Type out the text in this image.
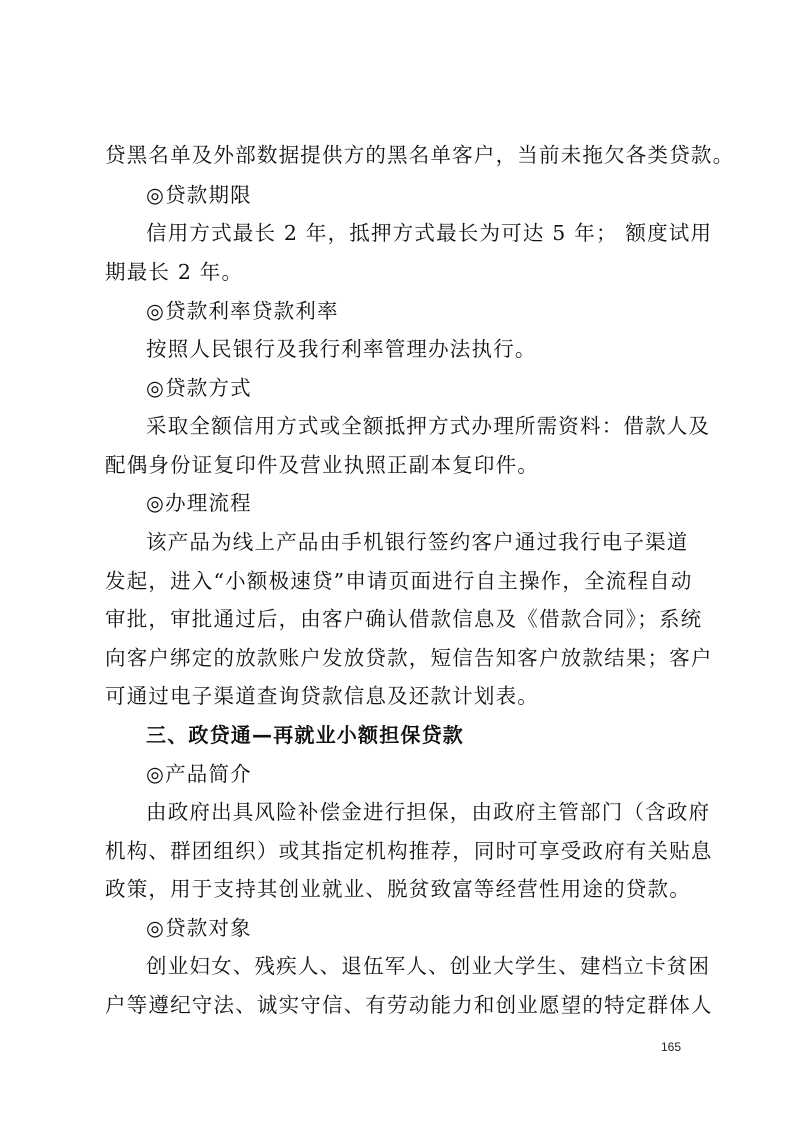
贷黑名单及外部数据提供方的黑名单客户，当前未拖欠各类贷款。
◎贷款期限
信用方式最长 2 年，抵押方式最长为可达 5 年； 额度试用
期最长 2 年。
◎贷款利率贷款利率
按照人民银行及我行利率管理办法执行。
◎贷款方式
采取全额信用方式或全额抵押方式办理所需资料：借款人及
配偶身份证复印件及营业执照正副本复印件。
◎办理流程
该产品为线上产品由手机银行签约客户通过我行电子渠道
发起，进入“小额极速贷”申请页面进行自主操作，全流程自动
审批，审批通过后，由客户确认借款信息及《借款合同》；系统
向客户绑定的放款账户发放贷款，短信告知客户放款结果；客户
可通过电子渠道查询贷款信息及还款计划表。
三、政贷通—再就业小额担保贷款
◎产品简介
由政府出具风险补偿金进行担保，由政府主管部门（含政府
机构、群团组织）或其指定机构推荐，同时可享受政府有关贴息
政策，用于支持其创业就业、脱贫致富等经营性用途的贷款。
◎贷款对象
创业妇女、残疾人、退伍军人、创业大学生、建档立卡贫困
户等遵纪守法、诚实守信、有劳动能力和创业愿望的特定群体人
165
